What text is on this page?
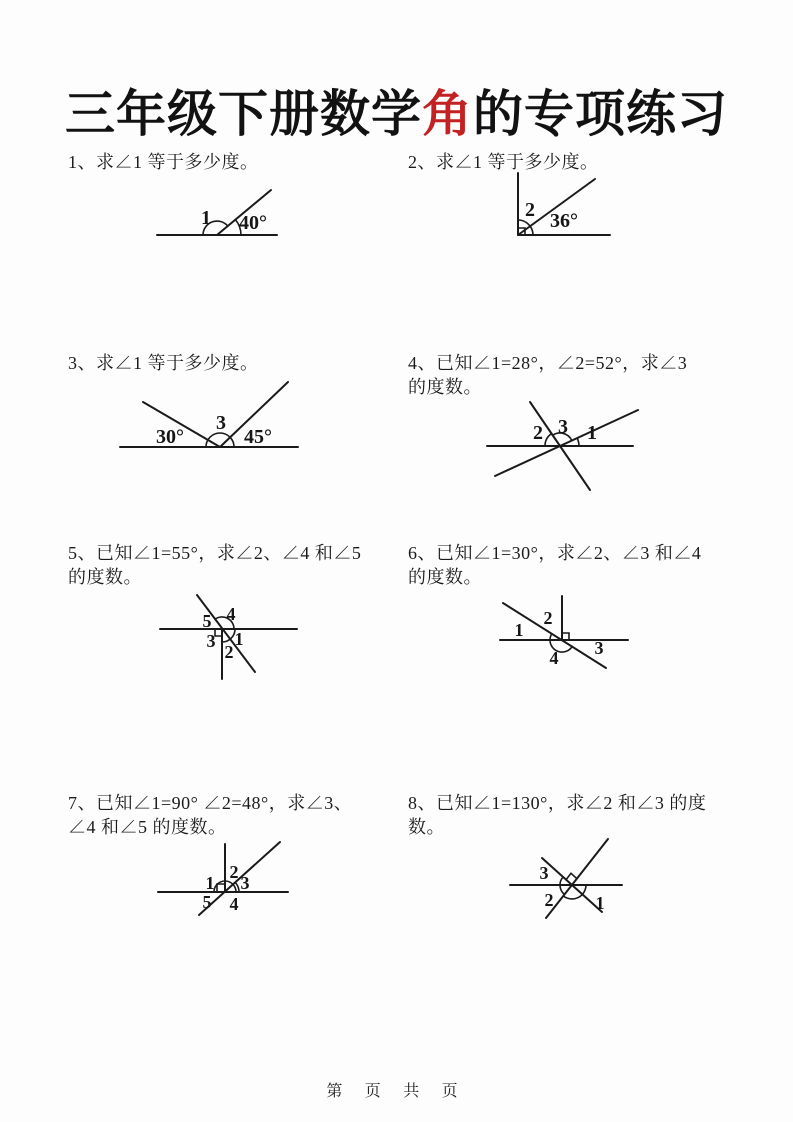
三年级下册数学角的专项练习
1、求∠1 等于多少度。
1 40°
2、求∠1 等于多少度。
2 36°
3、求∠1 等于多少度。
30°
3
45°
4、已知∠1=28°，∠2=52°，求∠3
的度数。
2 3 1
5、已知∠1=55°，求∠2、∠4 和∠5
的度数。
5 4
3 1
2
6、已知∠1=30°，求∠2、∠3 和∠4
的度数。
1
2
3
4
7、已知∠1=90° ∠2=48°，求∠3、
∠4 和∠5 的度数。
1
2
3
5 4
8、已知∠1=130°，求∠2 和∠3 的度
数。
3
2 1
第 页 共 页
